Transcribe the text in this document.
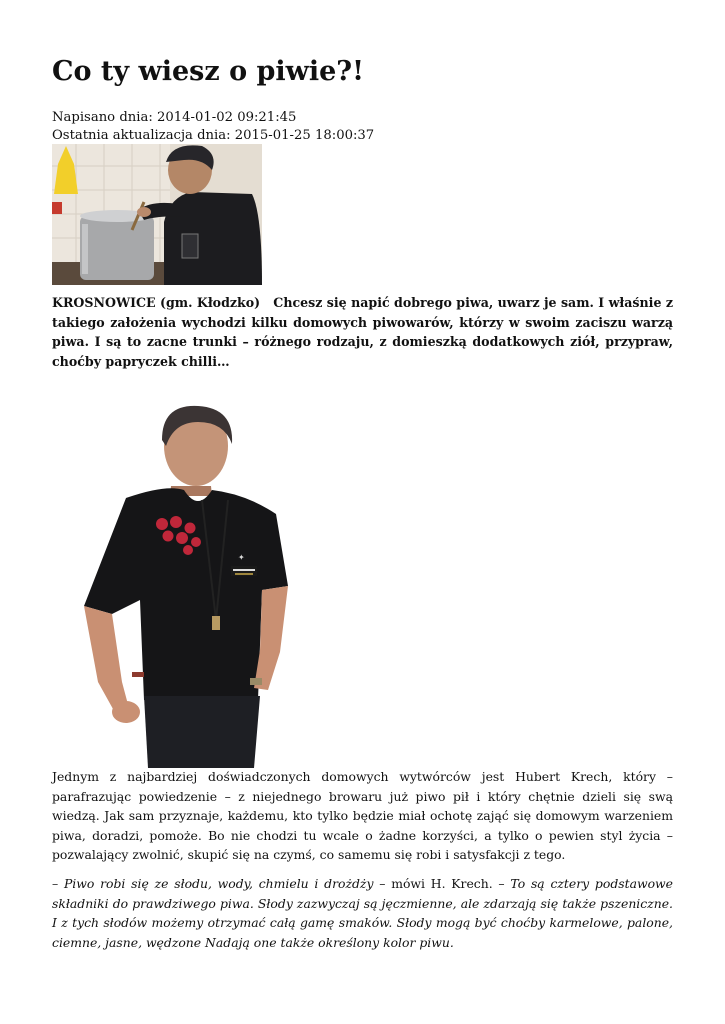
Co ty wiesz o piwie?!
Napisano dnia: 2014-01-02 09:21:45
Ostatnia aktualizacja dnia: 2015-01-25 18:00:37
KROSNOWICE (gm. Kłodzko) Chcesz się napić dobrego piwa, uwarz je sam. I właśnie z takiego założenia wychodzi kilku domowych piwowarów, którzy w swoim zaciszu warzą piwa. I są to zacne trunki – różnego rodzaju, z domieszką dodatkowych ziół, przypraw, choćby papryczek chilli…
✦

Jednym z najbardziej doświadczonych domowych wytwórców jest Hubert Krech, który – parafrazując powiedzenie – z niejednego browaru już piwo pił i który chętnie dzieli się swą wiedzą. Jak sam przyznaje, każdemu, kto tylko będzie miał ochotę zająć się domowym warzeniem piwa, doradzi, pomoże. Bo nie chodzi tu wcale o żadne korzyści, a tylko o pewien styl życia – pozwalający zwolnić, skupić się na czymś, co samemu się robi i satysfakcji z tego.

– Piwo robi się ze słodu, wody, chmielu i drożdży – mówi H. Krech. – To są cztery podstawowe składniki do prawdziwego piwa. Słody zazwyczaj są jęczmienne, ale zdarzają się także pszeniczne. I z tych słodów możemy otrzymać całą gamę smaków. Słody mogą być choćby karmelowe, palone, ciemne, jasne, wędzone Nadają one także określony kolor piwu.
